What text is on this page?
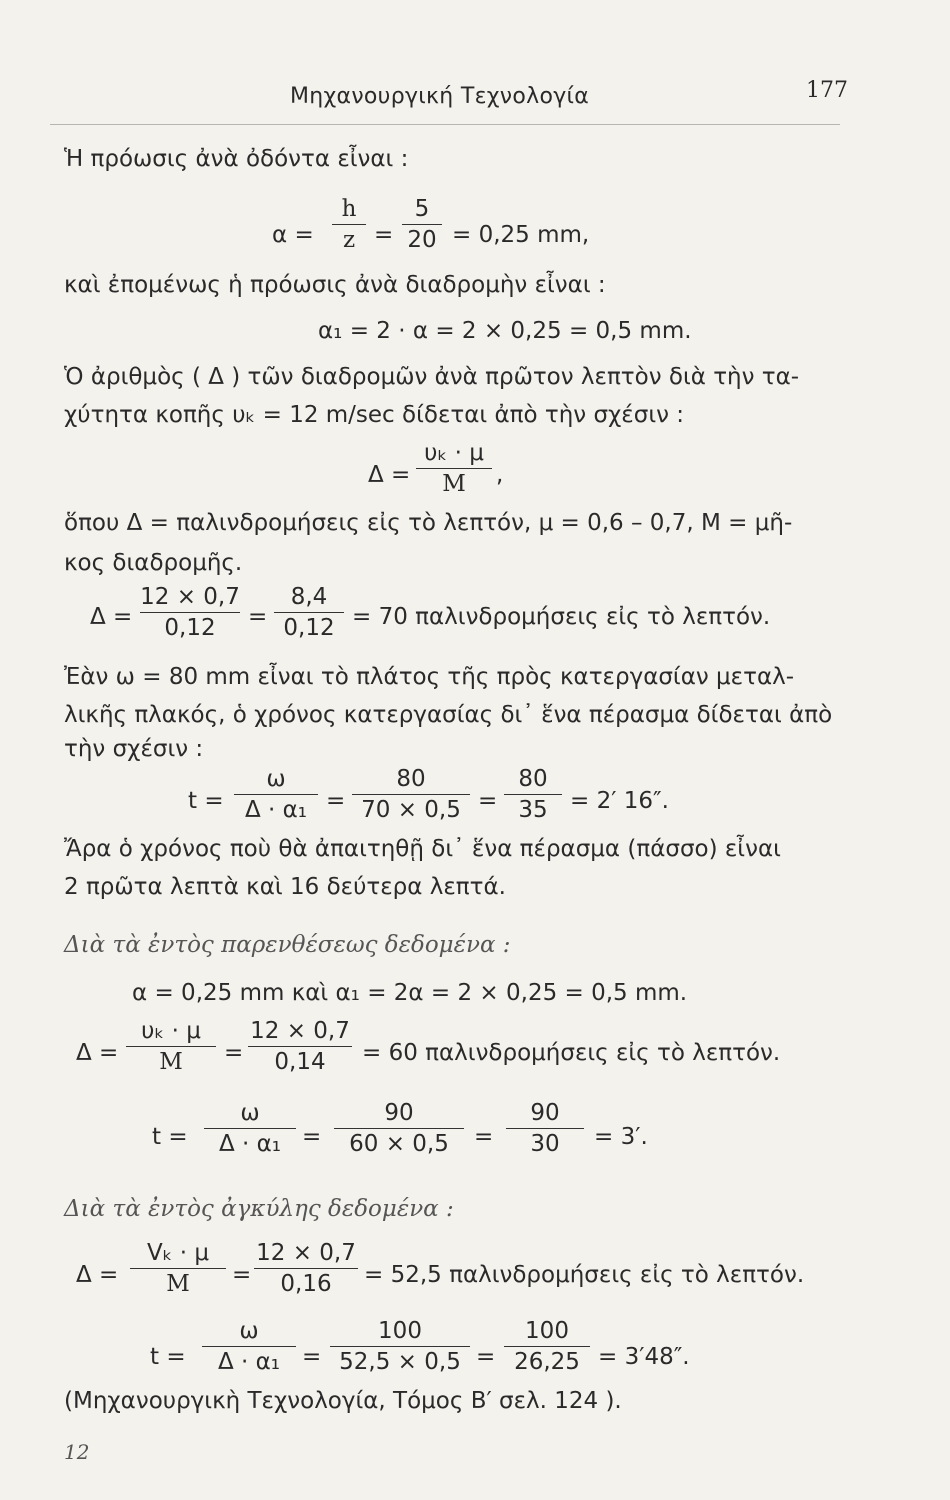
Μηχανουργική Τεχνολογία	177
Ἡ πρόωσις ἀνὰ ὀδόντα εἶναι :
α =
h
z =
5
20 = 0,25 mm,
καὶ ἐπομένως ἡ πρόωσις ἀνὰ διαδρομὴν εἶναι :
α₁ = 2 · α = 2 × 0,25 = 0,5 mm.
Ὁ ἀριθμὸς ( Δ ) τῶν διαδρομῶν ἀνὰ πρῶτον λεπτὸν διὰ τὴν τα-
χύτητα κοπῆς υₖ = 12 m/sec δίδεται ἀπὸ τὴν σχέσιν :
Δ =
υₖ · μ
M	,
ὅπου Δ = παλινδρομήσεις εἰς τὸ λεπτόν, μ = 0,6 – 0,7, M = μῆ-
κος διαδρομῆς.
Δ =
12 × 0,7
0,12	=
8,4
0,12 = 70 παλινδρομήσεις εἰς τὸ λεπτόν.
Ἐὰν ω = 80 mm εἶναι τὸ πλάτος τῆς πρὸς κατεργασίαν μεταλ-
λικῆς πλακός, ὁ χρόνος κατεργασίας δι᾽ ἕνα πέρασμα δίδεται ἀπὸ
τὴν σχέσιν :
t =
ω
Δ · α₁ =
80
70 × 0,5 =
80
35 = 2′ 16″.
Ἄρα ὁ χρόνος ποὺ θὰ ἀπαιτηθῇ δι᾽ ἕνα πέρασμα (πάσσο) εἶναι
2 πρῶτα λεπτὰ καὶ 16 δεύτερα λεπτά.
Διὰ τὰ ἐντὸς παρενθέσεως δεδομένα :
α = 0,25 mm καὶ α₁ = 2α = 2 × 0,25 = 0,5 mm.
Δ =
υₖ · μ
M	=
12 × 0,7
0,14	= 60 παλινδρομήσεις εἰς τὸ λεπτόν.
t =
ω
Δ · α₁ =
90
60 × 0,5	=
90
30	= 3′.
Διὰ τὰ ἐντὸς ἀγκύλης δεδομένα :
Δ =
Vₖ · μ
M	=
12 × 0,7
0,16	= 52,5 παλινδρομήσεις εἰς τὸ λεπτόν.
t =
ω
Δ · α₁ =
100
52,5 × 0,5 =
100
26,25 = 3′48″.
(Μηχανουργικὴ Τεχνολογία, Τόμος Β′ σελ. 124 ).
12
